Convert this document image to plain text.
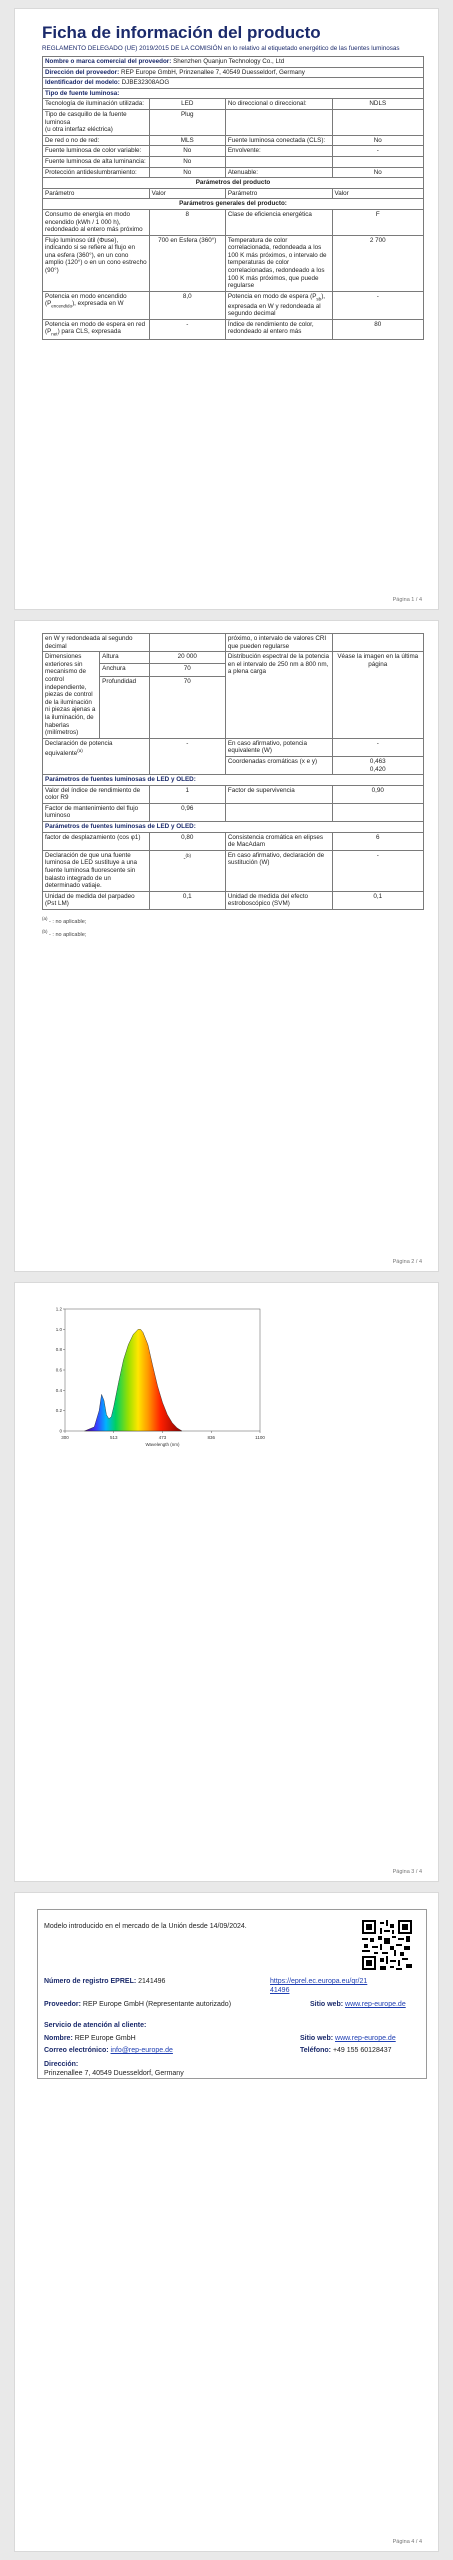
Ficha de información del producto
REGLAMENTO DELEGADO (UE) 2019/2015 DE LA COMISIÓN en lo relativo al etiquetado energético de las fuentes luminosas
Nombre o marca comercial del proveedor: Shenzhen Quanjun Technology Co., Ltd			
Dirección del proveedor: REP Europe GmbH, Prinzenallee 7, 40549 Duesseldorf, Germany			
Identificador del modelo: DJBE32308AOG			
Tipo de fuente luminosa:			
Tecnología de iluminación utilizada:	LED	No direccional o direccional:	NDLS
Tipo de casquillo de la fuente luminosa
(u otra interfaz eléctrica)	Plug		
De red o no de red:	MLS	Fuente luminosa conectada (CLS):	No
Fuente luminosa de color variable:	No	Envolvente:	-
Fuente luminosa de alta luminancia:	No		
Protección antideslumbramiento:	No	Atenuable:	No
Parámetros del producto			
Parámetro	Valor	Parámetro	Valor
Parámetros generales del producto:			
Consumo de energía en modo encendido (kWh / 1 000 h), redondeado al entero más próximo	8	Clase de eficiencia energética	F
Flujo luminoso útil (Φuse), indicando si se refiere al flujo en una esfera (360°), en un cono amplio (120°) o en un cono estrecho (90°)	700 en Esfera (360°)	Temperatura de color correlacionada, redondeada a los 100 K más próximos, o intervalo de temperaturas de color correlacionadas, redondeado a los 100 K más próximos, que puede regularse	2 700
Potencia en modo encendido $(P_{encendido})$, expresada en W	8,0	Potencia en modo de espera $(P_{sb})$, expresada en W y redondeada al segundo decimal	-
Potencia en modo de espera en red $(P_{net})$ para CLS, expresada	-	Índice de rendimiento de color, redondeado al entero más	80
Página 1 / 4
en W y redondeada al segundo decimal			próximo, o intervalo de valores CRI que pueden regularse	
Dimensiones exteriores sin mecanismo de control independiente, piezas de control de la iluminación ni piezas ajenas a la iluminación, de haberlas (milímetros)	Altura	20 000	Distribución espectral de la potencia en el intervalo de 250 nm a 800 nm, a plena carga	Véase la imagen en la última página
	Anchura	70		
	Profundidad	70		
Declaración de potencia equivalente$^{(a)}$		-	En caso afirmativo, potencia equivalente (W)	-
			Coordenadas cromáticas (x e y)	0,463
0,420
Parámetros de fuentes luminosas de LED y OLED:				
Valor del índice de rendimiento de color R9		1	Factor de supervivencia	0,90
Factor de mantenimiento del flujo luminoso		0,96		
Parámetros de fuentes luminosas de LED y OLED:				
factor de desplazamiento (cos φ1)		0,80	Consistencia cromática en elipses de MacAdam	6
Declaración de que una fuente luminosa de LED sustituye a una fuente luminosa fluorescente sin balasto integrado de un determinado vatiaje.		-$^{(b)}$	En caso afirmativo, declaración de sustitución (W)	-
Unidad de medida del parpadeo (Pst LM)		0,1	Unidad de medida del efecto estroboscópico (SVM)	0,1
$^{(a)}$ - : no aplicable;
$^{(b)}$ - : no aplicable;
Página 2 / 4
0
0.2
0.4
0.6
0.8
1.0
1.2
300	513	473	836	1100
Wavelength (nm)
Página 3 / 4
Modelo introducido en el mercado de la Unión desde 14/09/2024.
Número de registro EPREL: 2141496	https://eprel.ec.europa.eu/qr/21
41496
Proveedor: REP Europe GmbH (Representante autorizado)	Sitio web: www.rep-europe.de
Servicio de atención al cliente:
Nombre: REP Europe GmbH	Sitio web: www.rep-europe.de
Correo electrónico: info@rep-europe.de	Teléfono: +49 155 60128437
Dirección:
Prinzenallee 7, 40549 Duesseldorf, Germany
Página 4 / 4
